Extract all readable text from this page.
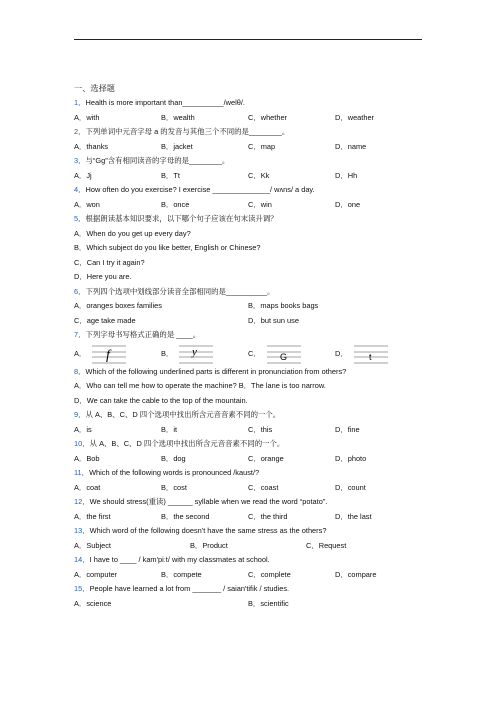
一、选择题
1．Health is more important than__________/welθ/.
A．with	B．wealth	C．whether	D．weather
2．下列单词中元音字母 a 的发音与其他三个不同的是________。
A．thanks	B．jacket	C．map	D．name
3．与“Gg”含有相同读音的字母的是________。
A．Jj	B．Tt	C．Kk	D．Hh
4．How often do you exercise? I exercise ______________/ wʌns/ a day.
A．won	B．once	C．win	D．one
5．根据朗读基本知识要求，以下哪个句子应该在句末读升调？
A．When do you get up every day?
B．Which subject do you like better, English or Chinese?
C．Can I try it again?
D．Here you are.
6．下列四个选项中划线部分读音全部相同的是__________。
A．oranges boxes families	B．maps books bags
C．age take made	D．but sun use
7．下列字母书写格式正确的是 ____。
A． f	B． y	C． G	D． t
8．Which of the following underlined parts is different in pronunciation from others?
A．Who can tell me how to operate the machine? B．The lane is too narrow.
D．We can take the cable to the top of the mountain.
9．从 A、B、C、D 四个选项中找出所含元音音素不同的一个。
A．is	B．it	C．this	D．fine
10．从 A、B、C、D 四个选项中找出所含元音音素不同的一个。
A．Bob	B．dog	C．orange	D．photo
11．Which of the following words is pronounced /kaust/?
A．coat	B．cost	C．coast	D．count
12．We should stress(重读) ______ syllable when we read the word “potato”.
A．the first	B．the second	C．the third	D．the last
13．Which word of the following doesn't have the same stress as the others?
A．Subject	B．Product	C．Request
14．I have to ____ / kam'piːt/ with my classmates at school.
A．computer	B．compete	C．complete	D．compare
15．People have learned a lot from _______ / saian'tifik / studies.
A．science	B．scientific
